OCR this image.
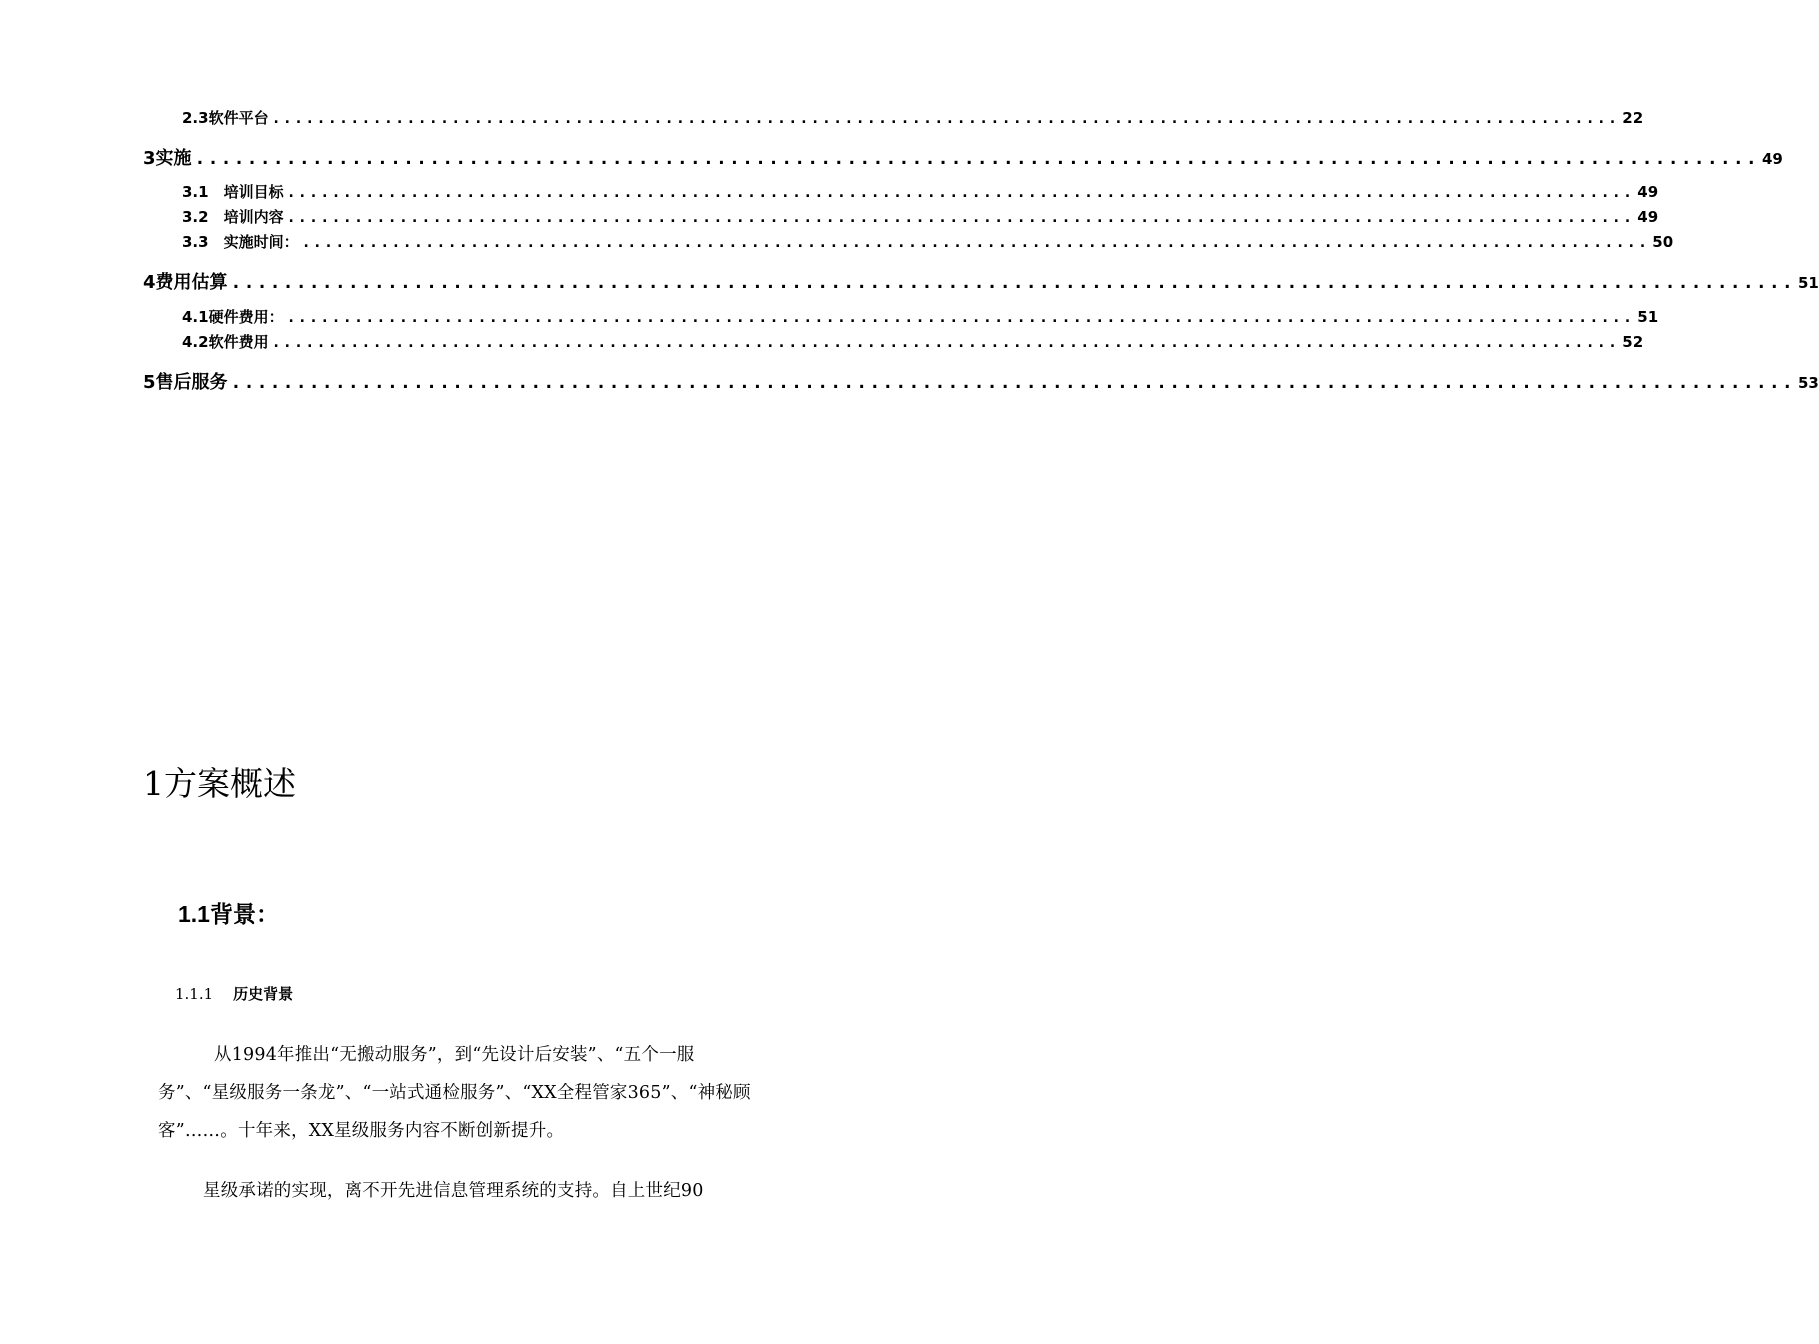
2.3软件平台 ........................................................................................................................ 22
3实施 ........................................................................................................................ 49
3.1　培训目标 ........................................................................................................................ 49
3.2　培训内容 ........................................................................................................................ 49
3.3　实施时间： ........................................................................................................................ 50
4费用估算 ........................................................................................................................ 51
4.1硬件费用： ........................................................................................................................ 51
4.2软件费用 ........................................................................................................................ 52
5售后服务 ........................................................................................................................ 53
1方案概述
1.1背景：
1.1.1 历史背景

从1994年推出“无搬动服务”，到“先设计后安装”、“五个一服务”、“星级服务一条龙”、“一站式通检服务”、“XX全程管家365”、“神秘顾客”……。十年来，XX星级服务内容不断创新提升。

星级承诺的实现，离不开先进信息管理系统的支持。自上世纪90
